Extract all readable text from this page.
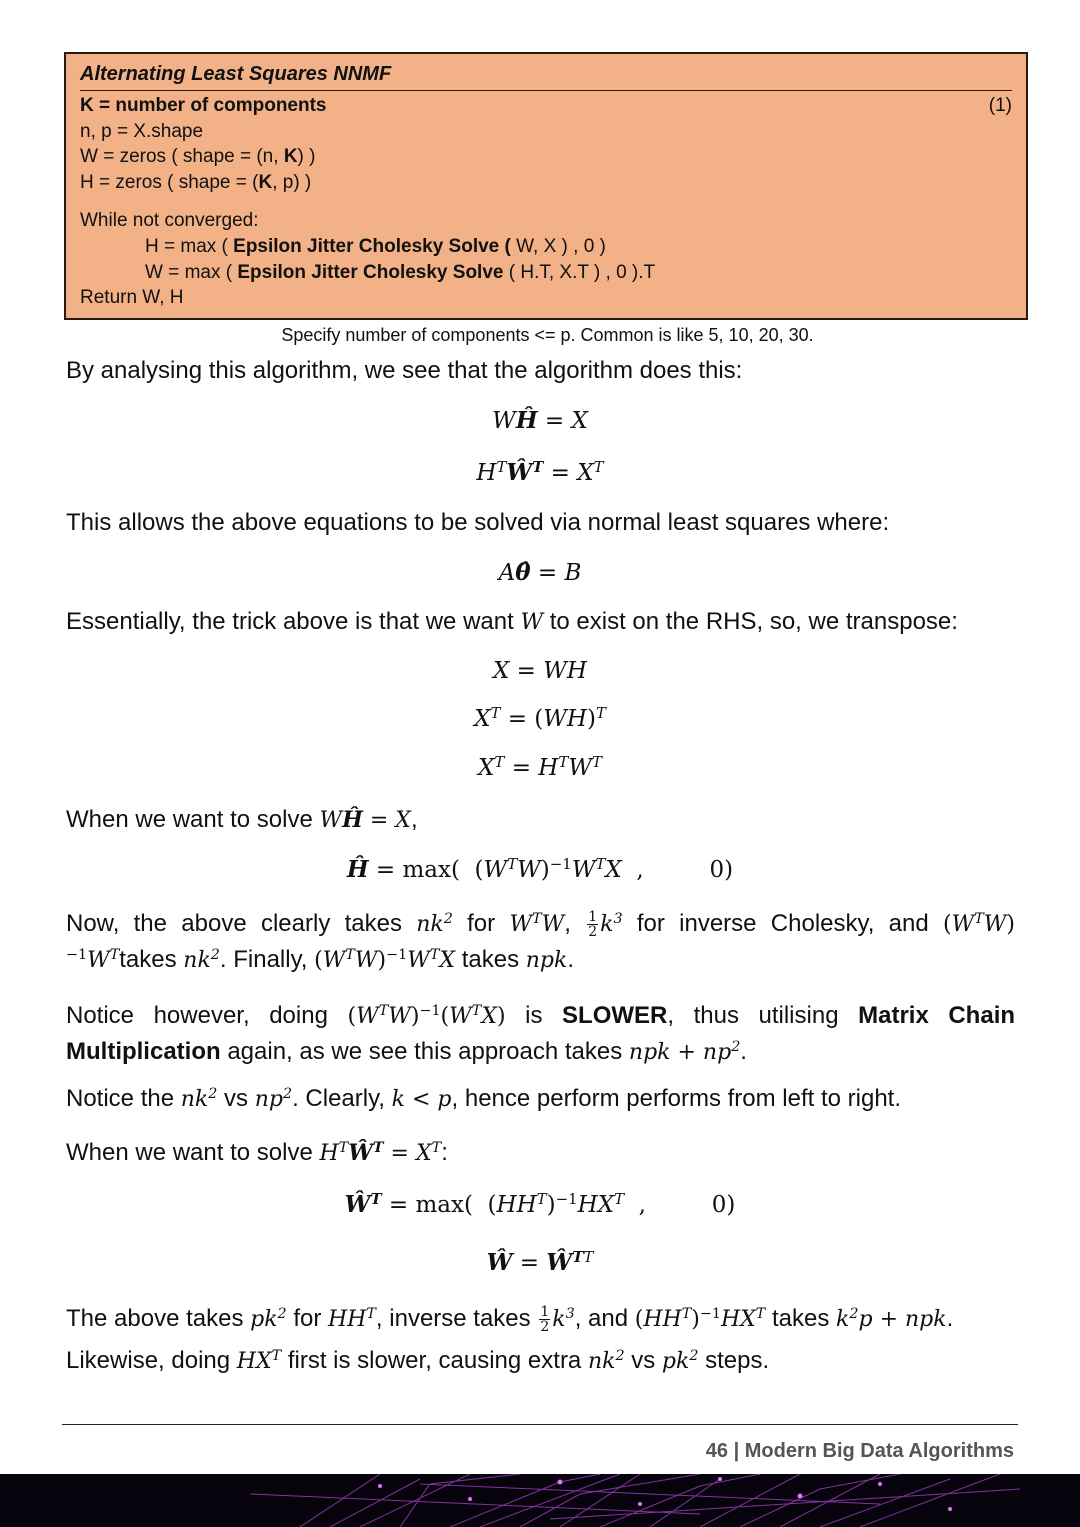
Alternating Least Squares NNMF
(1)
K = number of components
n, p = X.shape
W = zeros ( shape = (n, K) )
H = zeros ( shape = (K, p) )
While not converged:
H = max ( Epsilon Jitter Cholesky Solve ( W, X ) , 0 )
W = max ( Epsilon Jitter Cholesky Solve ( H.T, X.T ) , 0 ).T
Return W, H
Specify number of components <= p. Common is like 5, 10, 20, 30.
By analysing this algorithm, we see that the algorithm does this:
WĤ = X
$H^TŴ^T = X^T$
This allows the above equations to be solved via normal least squares where:
Aθ̂ = B
Essentially, the trick above is that we want W to exist on the RHS, so, we transpose:
X = WH
$X^T = (WH)^T$
$X^T = H^TW^T$
When we want to solve WĤ = X,
Ĥ = max(  $(W^TW)^{-1}W^TX$  ,         0)
Now, the above clearly takes $nk^2$ for $W^TW$, $\frac{1}{2} k^3$ for inverse Cholesky, and $(W^TW)^{-1}W^Ttakes$ $nk^2$. Finally, $(W^TW)^{-1}W^TX$ takes npk.
Notice however, doing $(W^TW)^{-1}(W^TX)$ is SLOWER, thus utilising Matrix Chain Multiplication again, as we see this approach takes npk + $np^2$.
Notice the $nk^2$ vs $np^2$. Clearly, k < p, hence perform performs from left to right.
When we want to solve $H^TŴ^T = X^T$:
$Ŵ^T = \max$(  $(HH^T)^{-1}HX^T$  ,         0)
Ŵ = $Ŵ^{TT}$
The above takes $pk^2$ for $HH^T$, inverse takes $\frac{1}{2} k^3$, and $(HH^T)^{-1}HX^T$ takes $k^2p$ + npk.
Likewise, doing $HX^T$ first is slower, causing extra $nk^2$ vs $pk^2$ steps.
46 | Modern Big Data Algorithms
